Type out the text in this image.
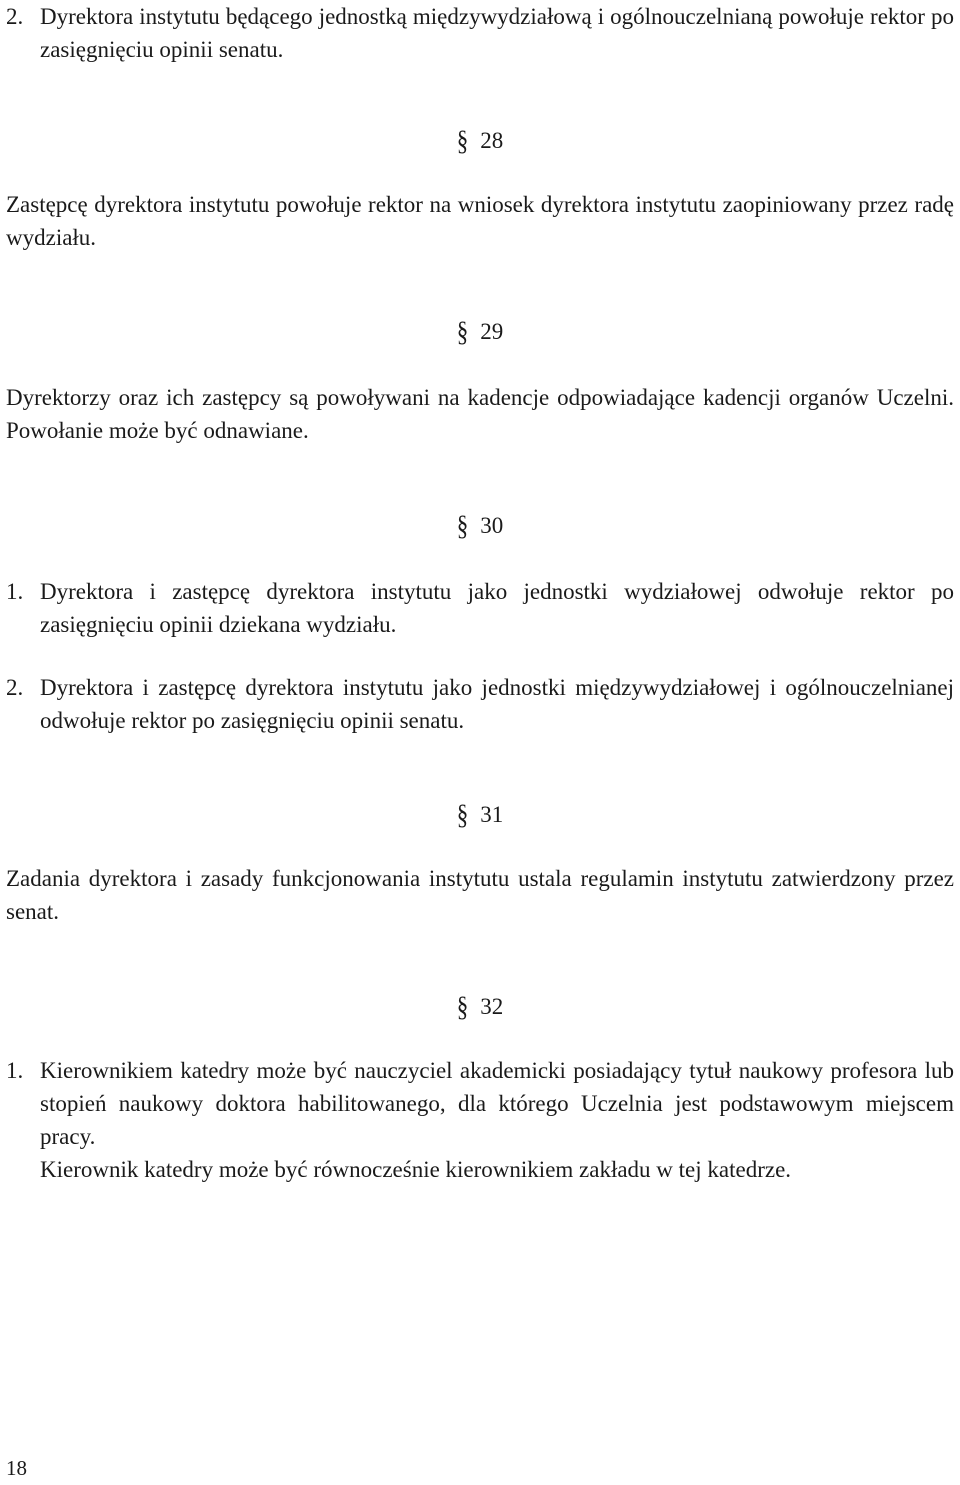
2. Dyrektora instytutu będącego jednostką międzywydziałową i ogólnouczelnianą powołuje rektor po zasięgnięciu opinii senatu.
§ 28

Zastępcę dyrektora instytutu powołuje rektor na wniosek dyrektora instytutu zaopiniowany przez radę wydziału.

§ 29

Dyrektorzy oraz ich zastępcy są powoływani na kadencje odpowiadające kadencji organów Uczelni. Powołanie może być odnawiane.

§ 30
1. Dyrektora i zastępcę dyrektora instytutu jako jednostki wydziałowej odwołuje rektor po zasięgnięciu opinii dziekana wydziału.
2. Dyrektora i zastępcę dyrektora instytutu jako jednostki międzywydziałowej i ogólnouczelnianej odwołuje rektor po zasięgnięciu opinii senatu.
§ 31

Zadania dyrektora i zasady funkcjonowania instytutu ustala regulamin instytutu zatwierdzony przez senat.

§ 32
1. Kierownikiem katedry może być nauczyciel akademicki posiadający tytuł naukowy profesora lub stopień naukowy doktora habilitowanego, dla którego Uczelnia jest podstawowym miejscem pracy.
Kierownik katedry może być równocześnie kierownikiem zakładu w tej katedrze.
18
